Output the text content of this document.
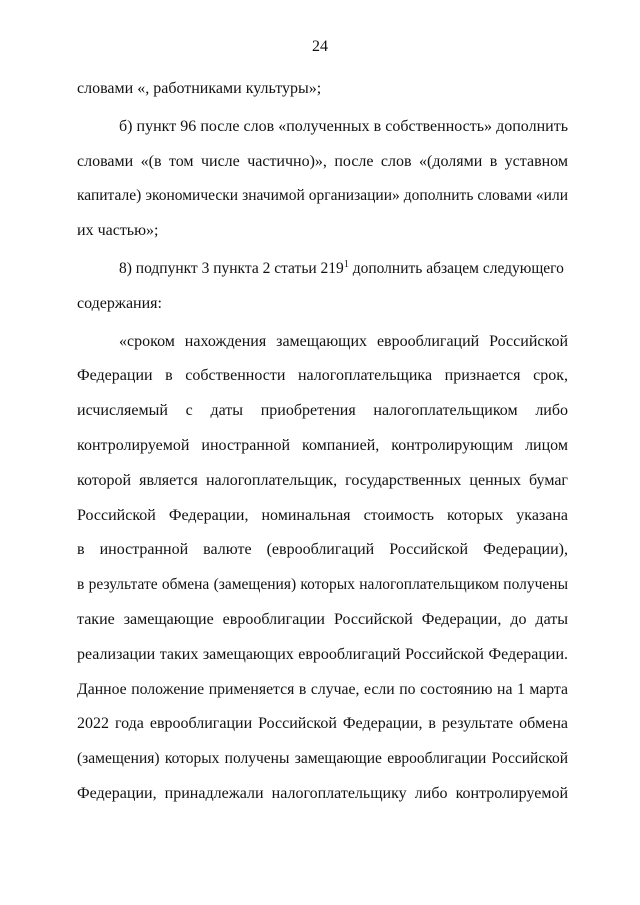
24
словами «, работниками культуры»;
б) пункт 96 после слов «полученных в собственность» дополнить
словами «(в том числе частично)», после слов «(долями в уставном
капитале) экономически значимой организации» дополнить словами «или
их частью»;
8) подпункт 3 пункта 2 статьи $219^1$ дополнить абзацем следующего
содержания:
«сроком нахождения замещающих еврооблигаций Российской
Федерации в собственности налогоплательщика признается срок,
исчисляемый с даты приобретения налогоплательщиком либо
контролируемой иностранной компанией, контролирующим лицом
которой является налогоплательщик, государственных ценных бумаг
Российской Федерации, номинальная стоимость которых указана
в иностранной валюте (еврооблигаций Российской Федерации),
в результате обмена (замещения) которых налогоплательщиком получены
такие замещающие еврооблигации Российской Федерации, до даты
реализации таких замещающих еврооблигаций Российской Федерации.
Данное положение применяется в случае, если по состоянию на 1 марта
2022 года еврооблигации Российской Федерации, в результате обмена
(замещения) которых получены замещающие еврооблигации Российской
Федерации, принадлежали налогоплательщику либо контролируемой
